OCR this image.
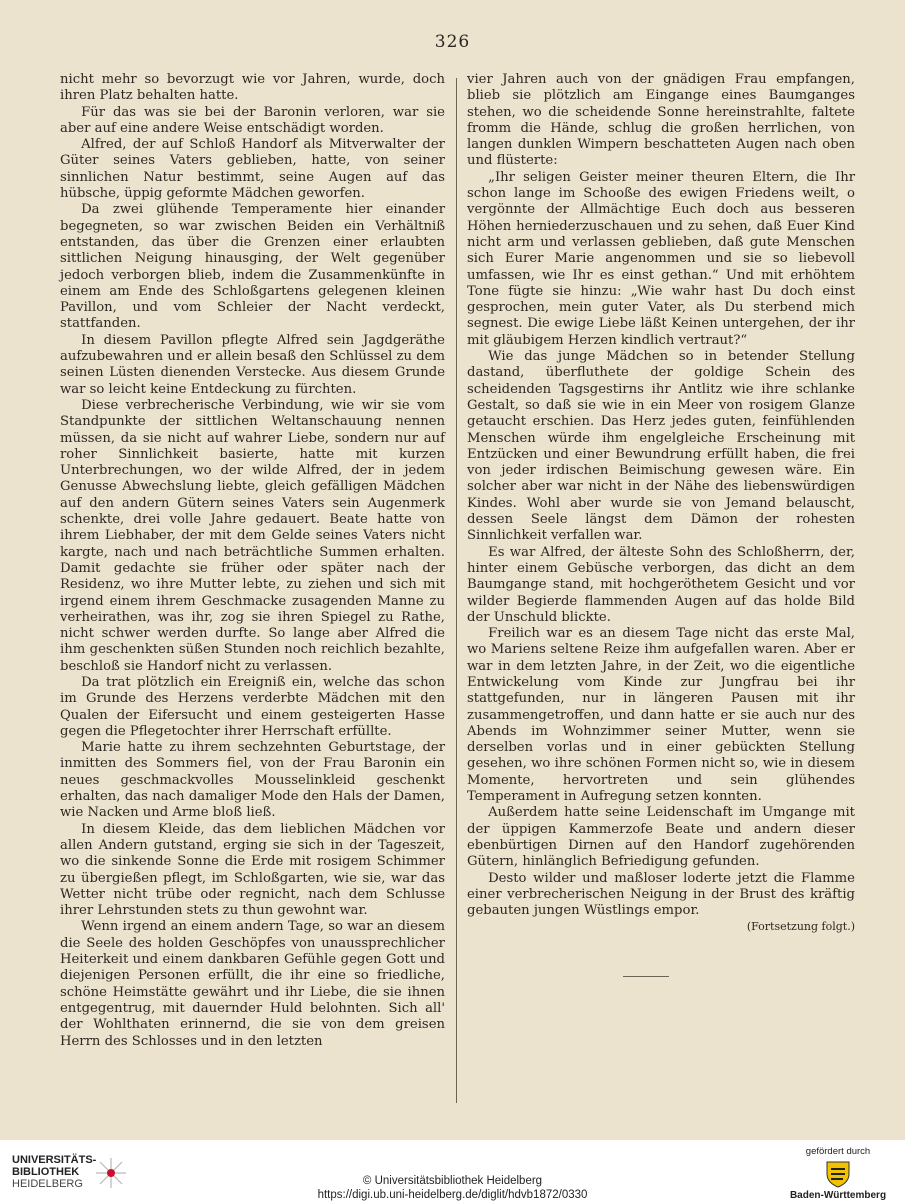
326

nicht mehr so bevorzugt wie vor Jahren, wurde, doch ihren Platz behalten hatte.

Für das was sie bei der Baronin verloren, war sie aber auf eine andere Weise entschädigt worden.

Alfred, der auf Schloß Handorf als Mitverwalter der Güter seines Vaters geblieben, hatte, von seiner sinnlichen Natur bestimmt, seine Augen auf das hübsche, üppig geformte Mädchen geworfen.

Da zwei glühende Temperamente hier einander begegneten, so war zwischen Beiden ein Verhältniß entstanden, das über die Grenzen einer erlaubten sittlichen Neigung hinausging, der Welt gegenüber jedoch verborgen blieb, indem die Zusammenkünfte in einem am Ende des Schloßgartens gelegenen kleinen Pavillon, und vom Schleier der Nacht verdeckt, stattfanden.

In diesem Pavillon pflegte Alfred sein Jagdgeräthe aufzubewahren und er allein besaß den Schlüssel zu dem seinen Lüsten dienenden Verstecke. Aus diesem Grunde war so leicht keine Entdeckung zu fürchten.

Diese verbrecherische Verbindung, wie wir sie vom Standpunkte der sittlichen Weltanschauung nennen müssen, da sie nicht auf wahrer Liebe, sondern nur auf roher Sinnlichkeit basierte, hatte mit kurzen Unterbrechungen, wo der wilde Alfred, der in jedem Genusse Abwechslung liebte, gleich gefälligen Mädchen auf den andern Gütern seines Vaters sein Augenmerk schenkte, drei volle Jahre gedauert. Beate hatte von ihrem Liebhaber, der mit dem Gelde seines Vaters nicht kargte, nach und nach beträchtliche Summen erhalten. Damit gedachte sie früher oder später nach der Residenz, wo ihre Mutter lebte, zu ziehen und sich mit irgend einem ihrem Geschmacke zusagenden Manne zu verheirathen, was ihr, zog sie ihren Spiegel zu Rathe, nicht schwer werden durfte. So lange aber Alfred die ihm geschenkten süßen Stunden noch reichlich bezahlte, beschloß sie Handorf nicht zu verlassen.

Da trat plötzlich ein Ereigniß ein, welche das schon im Grunde des Herzens verderbte Mädchen mit den Qualen der Eifersucht und einem gesteigerten Hasse gegen die Pflegetochter ihrer Herrschaft erfüllte.

Marie hatte zu ihrem sechzehnten Geburtstage, der inmitten des Sommers fiel, von der Frau Baronin ein neues geschmackvolles Mousselinkleid geschenkt erhalten, das nach damaliger Mode den Hals der Damen, wie Nacken und Arme bloß ließ.

In diesem Kleide, das dem lieblichen Mädchen vor allen Andern gutstand, erging sie sich in der Tageszeit, wo die sinkende Sonne die Erde mit rosigem Schimmer zu übergießen pflegt, im Schloßgarten, wie sie, war das Wetter nicht trübe oder regnicht, nach dem Schlusse ihrer Lehrstunden stets zu thun gewohnt war.

Wenn irgend an einem andern Tage, so war an diesem die Seele des holden Geschöpfes von unaussprechlicher Heiterkeit und einem dankbaren Gefühle gegen Gott und diejenigen Personen erfüllt, die ihr eine so friedliche, schöne Heimstätte gewährt und ihr Liebe, die sie ihnen entgegentrug, mit dauernder Huld belohnten. Sich all' der Wohlthaten erinnernd, die sie von dem greisen Herrn des Schlosses und in den letzten

vier Jahren auch von der gnädigen Frau empfangen, blieb sie plötzlich am Eingange eines Baumganges stehen, wo die scheidende Sonne hereinstrahlte, faltete fromm die Hände, schlug die großen herrlichen, von langen dunklen Wimpern beschatteten Augen nach oben und flüsterte:

„Ihr seligen Geister meiner theuren Eltern, die Ihr schon lange im Schooße des ewigen Friedens weilt, o vergönnte der Allmächtige Euch doch aus besseren Höhen herniederzuschauen und zu sehen, daß Euer Kind nicht arm und verlassen geblieben, daß gute Menschen sich Eurer Marie angenommen und sie so liebevoll umfassen, wie Ihr es einst gethan.“ Und mit erhöhtem Tone fügte sie hinzu: „Wie wahr hast Du doch einst gesprochen, mein guter Vater, als Du sterbend mich segnest. Die ewige Liebe läßt Keinen untergehen, der ihr mit gläubigem Herzen kindlich vertraut?“

Wie das junge Mädchen so in betender Stellung dastand, überfluthete der goldige Schein des scheidenden Tagsgestirns ihr Antlitz wie ihre schlanke Gestalt, so daß sie wie in ein Meer von rosigem Glanze getaucht erschien. Das Herz jedes guten, feinfühlenden Menschen würde ihm engelgleiche Erscheinung mit Entzücken und einer Bewundrung erfüllt haben, die frei von jeder irdischen Beimischung gewesen wäre. Ein solcher aber war nicht in der Nähe des liebenswürdigen Kindes. Wohl aber wurde sie von Jemand belauscht, dessen Seele längst dem Dämon der rohesten Sinnlichkeit verfallen war.

Es war Alfred, der älteste Sohn des Schloßherrn, der, hinter einem Gebüsche verborgen, das dicht an dem Baumgange stand, mit hochgeröthetem Gesicht und vor wilder Begierde flammenden Augen auf das holde Bild der Unschuld blickte.

Freilich war es an diesem Tage nicht das erste Mal, wo Mariens seltene Reize ihm aufgefallen waren. Aber er war in dem letzten Jahre, in der Zeit, wo die eigentliche Entwickelung vom Kinde zur Jungfrau bei ihr stattgefunden, nur in längeren Pausen mit ihr zusammengetroffen, und dann hatte er sie auch nur des Abends im Wohnzimmer seiner Mutter, wenn sie derselben vorlas und in einer gebückten Stellung gesehen, wo ihre schönen Formen nicht so, wie in diesem Momente, hervortreten und sein glühendes Temperament in Aufregung setzen konnten.

Außerdem hatte seine Leidenschaft im Umgange mit der üppigen Kammerzofe Beate und andern dieser ebenbürtigen Dirnen auf den Handorf zugehörenden Gütern, hinlänglich Befriedigung gefunden.

Desto wilder und maßloser loderte jetzt die Flamme einer verbrecherischen Neigung in der Brust des kräftig gebauten jungen Wüstlings empor.

(Fortsetzung folgt.)

UNIVERSITÄTS-
BIBLIOTHEK
HEIDELBERG	© Universitätsbibliothek Heidelberg
https://digi.ub.uni-heidelberg.de/diglit/hdvb1872/0330
gefördert durch
Baden-Württemberg
